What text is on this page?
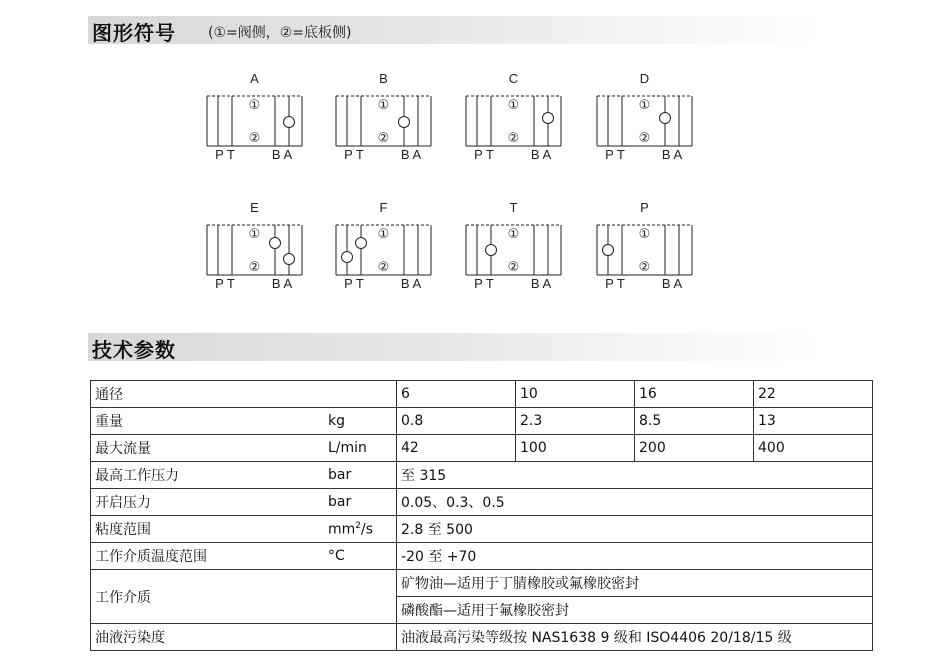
图形符号 (①=阀侧，②=底板侧)
A
①
②
P T	B A
B
①
②
P T	B A
C
①
②
P T	B A
D
①
②
P T	B A
E
①
②
P T	B A
F
①
②
P T	B A
T
①
②
P T	B A
P
①
②
P T	B A
技术参数
通径		6	10	16	22
重量	kg	0.8	2.3	8.5	13
最大流量	L/min	42	100	200	400
最高工作压力	bar	至 315			
开启压力	bar	0.05、0.3、0.5			
粘度范围	$mm^2/s$	2.8 至 500			
工作介质温度范围	°C	-20 至 +70			
工作介质		矿物油—适用于丁腈橡胶或氟橡胶密封			
		磷酸酯—适用于氟橡胶密封			
油液污染度		油液最高污染等级按 NAS1638 9 级和 ISO4406 20/18/15 级			
